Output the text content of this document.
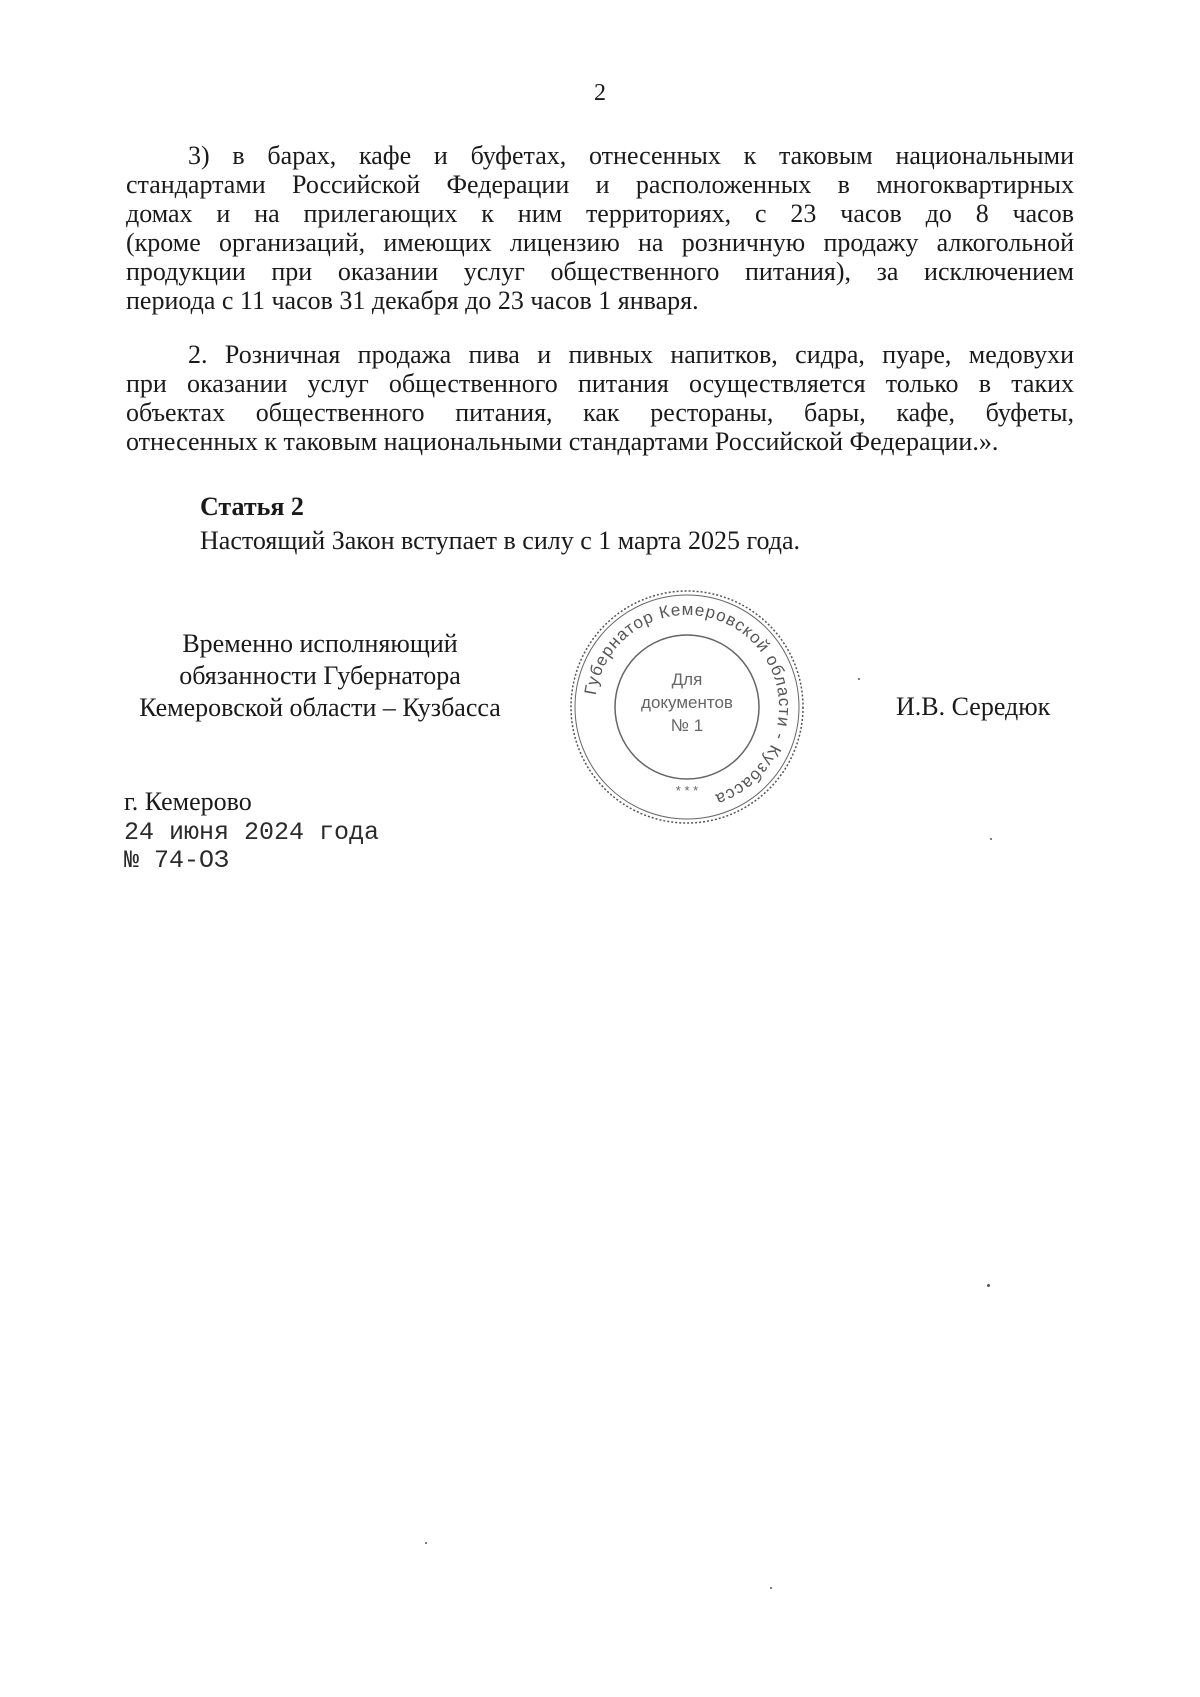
2
3) в барах, кафе и буфетах, отнесенных к таковым национальными
стандартами Российской Федерации и расположенных в многоквартирных
домах и на прилегающих к ним территориях, с 23 часов до 8 часов
(кроме организаций, имеющих лицензию на розничную продажу алкогольной
продукции при оказании услуг общественного питания), за исключением
периода с 11 часов 31 декабря до 23 часов 1 января.
2. Розничная продажа пива и пивных напитков, сидра, пуаре, медовухи
при оказании услуг общественного питания осуществляется только в таких
объектах общественного питания, как рестораны, бары, кафе, буфеты,
отнесенных к таковым национальными стандартами Российской Федерации.».
Статья 2
Настоящий Закон вступает в силу с 1 марта 2025 года.
Временно исполняющий
обязанности Губернатора
Кемеровской области – Кузбасса
Губернатор Кемеровской области - Кузбасса
Для
документов
№ 1
* * *
И.В. Середюк
г. Кемерово
24 июня 2024 года
№ 74-ОЗ
